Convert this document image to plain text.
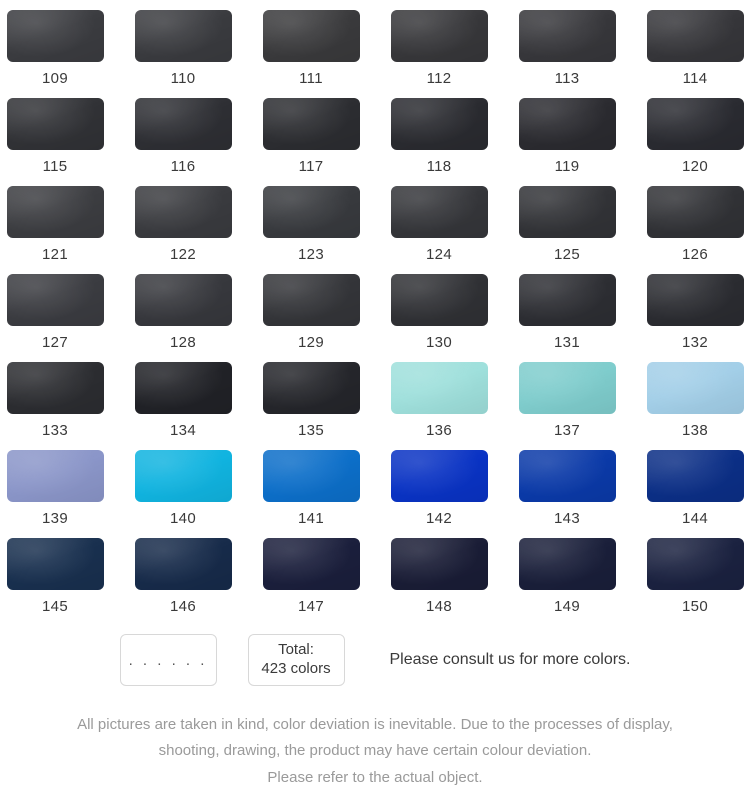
109	110	111	112	113	114
115	116	117	118	119	120
121	122	123	124	125	126
127	128	129	130	131	132
133	134	135	136	137	138
139	140	141	142	143	144
145	146	147	148	149	150
. . . . . .
Total:
423 colors
Please consult us for more colors.
All pictures are taken in kind, color deviation is inevitable. Due to the processes of display,
shooting, drawing, the product may have certain colour deviation.
Please refer to the actual object.
